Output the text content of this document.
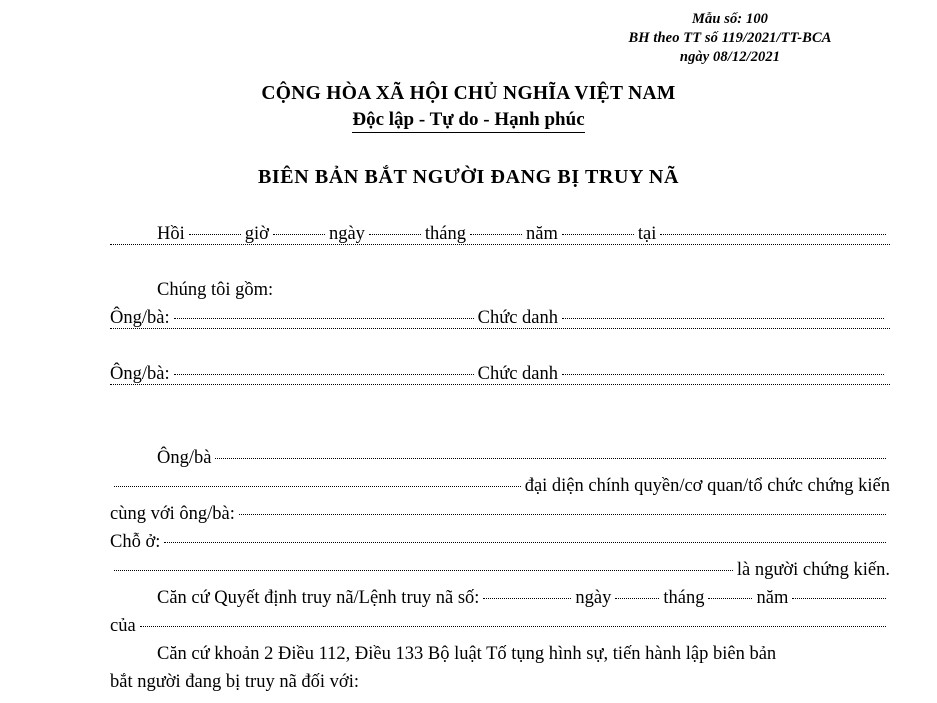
Mẫu số: 100
BH theo TT số 119/2021/TT-BCA
ngày 08/12/2021
CỘNG HÒA XÃ HỘI CHỦ NGHĨA VIỆT NAM
Độc lập - Tự do - Hạnh phúc
BIÊN BẢN BẮT NGƯỜI ĐANG BỊ TRUY NÃ
Hồi	giờ	ngày	tháng	năm	tại
Chúng tôi gồm:
Ông/bà:	Chức danh
Ông/bà:	Chức danh
Ông/bà
đại diện chính quyền/cơ quan/tổ chức chứng kiến
cùng với ông/bà:
Chỗ ở:
là người chứng kiến.
Căn cứ Quyết định truy nã/Lệnh truy nã số:	ngày	tháng	năm
của
Căn cứ khoản 2 Điều 112, Điều 133 Bộ luật Tố tụng hình sự, tiến hành lập biên bản
bắt người đang bị truy nã đối với:
